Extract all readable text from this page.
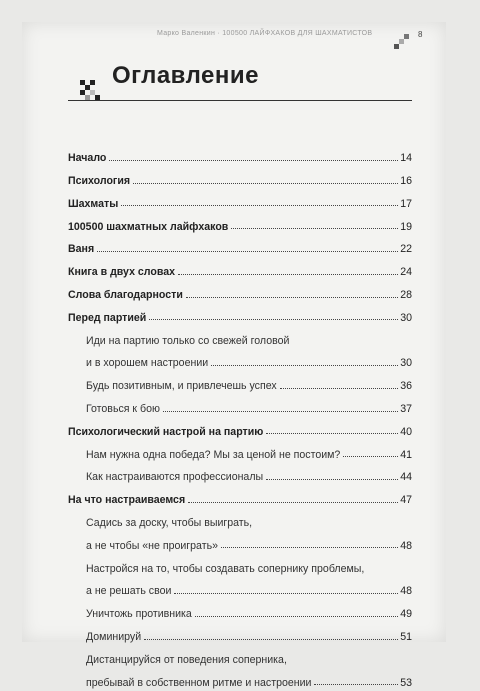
Марко Валенкин · 100500 ЛАЙФХАКОВ ДЛЯ ШАХМАТИСТОВ	8
Оглавление
Начало	14
Психология	16
Шахматы	17
100500 шахматных лайфхаков	19
Ваня	22
Книга в двух словах	24
Слова благодарности	28
Перед партией	30
Иди на партию только со свежей головой
и в хорошем настроении	30
Будь позитивным, и привлечешь успех	36
Готовься к бою	37
Психологический настрой на партию	40
Нам нужна одна победа? Мы за ценой не постоим?	41
Как настраиваются профессионалы	44
На что настраиваемся	47
Садись за доску, чтобы выиграть,
а не чтобы «не проиграть»	48
Настройся на то, чтобы создавать сопернику проблемы,
а не решать свои	48
Уничтожь противника	49
Доминируй	51
Дистанцируйся от поведения соперника,
пребывай в собственном ритме и настроении	53
